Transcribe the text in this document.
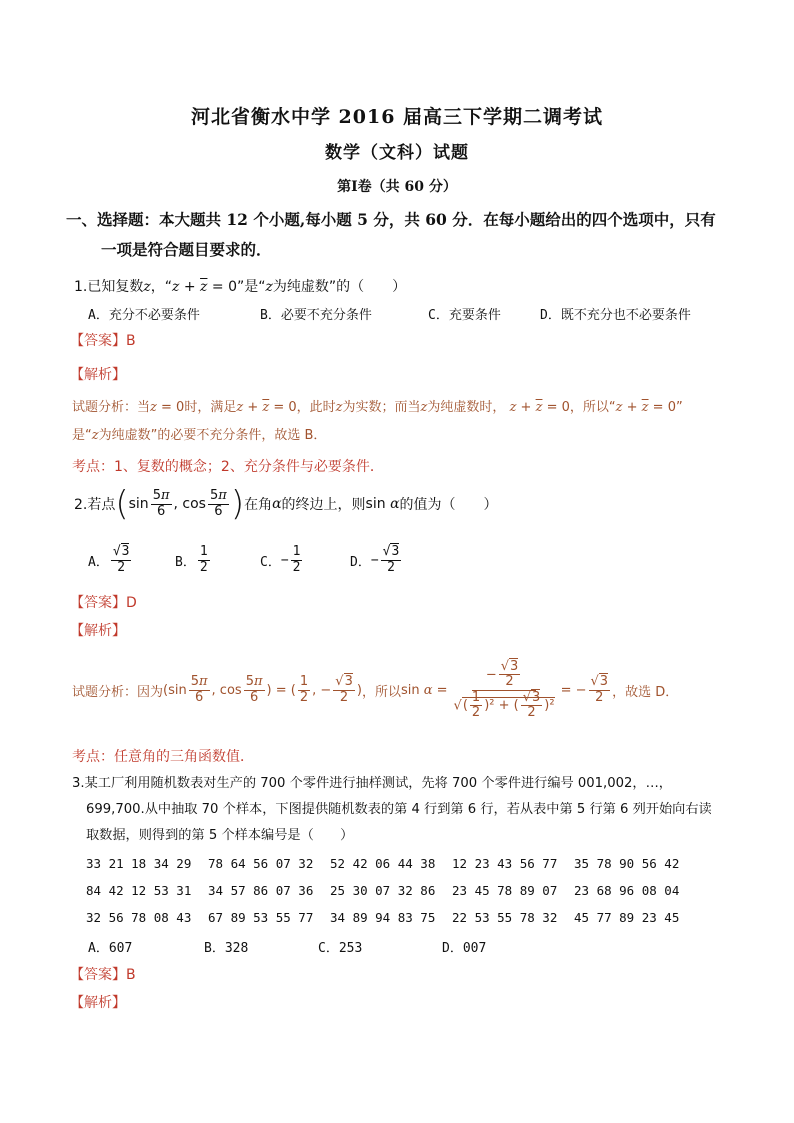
河北省衡水中学 2016 届高三下学期二调考试
数学（文科）试题
第Ⅰ卷（共 60 分）
一、选择题：本大题共 12 个小题,每小题 5 分，共 60 分．在每小题给出的四个选项中，只有
一项是符合题目要求的．
1.已知复数z，“$z + \overline{z} = 0$”是“z为纯虚数”的（　　）
A．充分不必要条件	B．必要不充分条件	C．充要条件	D．既不充分也不必要条件
【答案】B
【解析】
试题分析：当z = 0时，满足$z + \overline{z} = 0$，此时z为实数；而当z为纯虚数时， $z + \overline{z} = 0$，所以“$z + \overline{z} = 0$”
是“z为纯虚数”的必要不充分条件，故选 B．
考点：1、复数的概念；2、充分条件与必要条件．
2.若点 ( $\sin \frac{5\pi}{6}$ , $\cos \frac{5\pi}{6}$ ) 在角 α 的终边上，则 sin α 的值为（　　）
A． $\frac{√3}{2}$	B． $\frac{1}{2}$	C． − $\frac{1}{2}$	D． − $\frac{√3}{2}$
【答案】D
【解析】
试题分析：因为 ($\sin \frac{5\pi}{6}$ , $\cos \frac{5\pi}{6}$ ) = ( $\frac{1}{2}$ , − $\frac{√3}{2}$ ) ，所以 $\sin \alpha = \frac{- \frac{√3}{2}}{√( \frac{1}{2} )^2 + ( \frac{√3}{2} )^2}$ = − $\frac{√3}{2}$ ，故选 D．
考点：任意角的三角函数值．
3.某工厂利用随机数表对生产的 700 个零件进行抽样测试，先将 700 个零件进行编号 001,002，…，
699,700.从中抽取 70 个样本，下图提供随机数表的第 4 行到第 6 行，若从表中第 5 行第 6 列开始向右读
取数据，则得到的第 5 个样本编号是（　　）
33 21 18 34 29 78 64 56 07 32 52 42 06 44 38 12 23 43 56 77 35 78 90 56 42
84 42 12 53 31 34 57 86 07 36 25 30 07 32 86 23 45 78 89 07 23 68 96 08 04
32 56 78 08 43 67 89 53 55 77 34 89 94 83 75 22 53 55 78 32 45 77 89 23 45
A．607	B．328	C．253	D．007
【答案】B
【解析】
